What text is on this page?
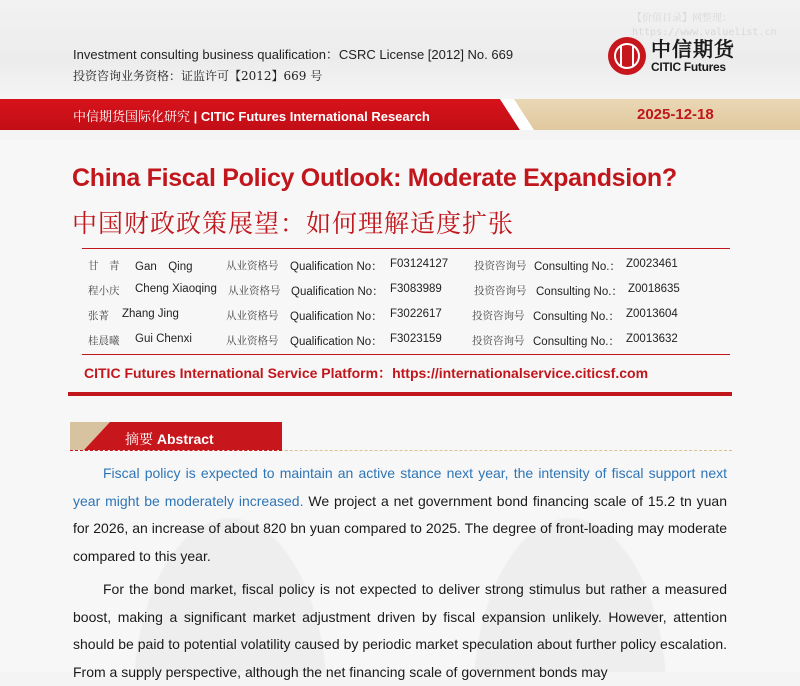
【价值目录】网整理：
https://www.valuelist.cn
Investment consulting business qualification：CSRC License [2012] No. 669
投资咨询业务资格：证监许可【2012】669 号
中信期货
CITIC Futures
中信期货国际化研究 | CITIC Futures International Research	2025-12-18
China Fiscal Policy Outlook: Moderate Expandsion?
中国财政政策展望：如何理解适度扩张
甘　青 Gan　Qing	从业资格号 Qualification No： F03124127 投资咨询号 Consulting No.： Z0023461
程小庆 Cheng Xiaoqing 从业资格号 Qualification No： F3083989	投资咨询号 Consulting No.： Z0018635
张菁 Zhang Jing	从业资格号 Qualification No： F3022617	投资咨询号 Consulting No.： Z0013604
桂晨曦 Gui Chenxi	从业资格号 Qualification No： F3023159	投资咨询号 Consulting No.： Z0013632
CITIC Futures International Service Platform：https://internationalservice.citicsf.com
摘要 Abstract
Fiscal policy is expected to maintain an active stance next year, the intensity of fiscal support next year might be moderately increased. We project a net government bond financing scale of 15.2 tn yuan for 2026, an increase of about 820 bn yuan compared to 2025. The degree of front-loading may moderate compared to this year.
For the bond market, fiscal policy is not expected to deliver strong stimulus but rather a measured boost, making a significant market adjustment driven by fiscal expansion unlikely. However, attention should be paid to potential volatility caused by periodic market speculation about further policy escalation. From a supply perspective, although the net financing scale of government bonds may
